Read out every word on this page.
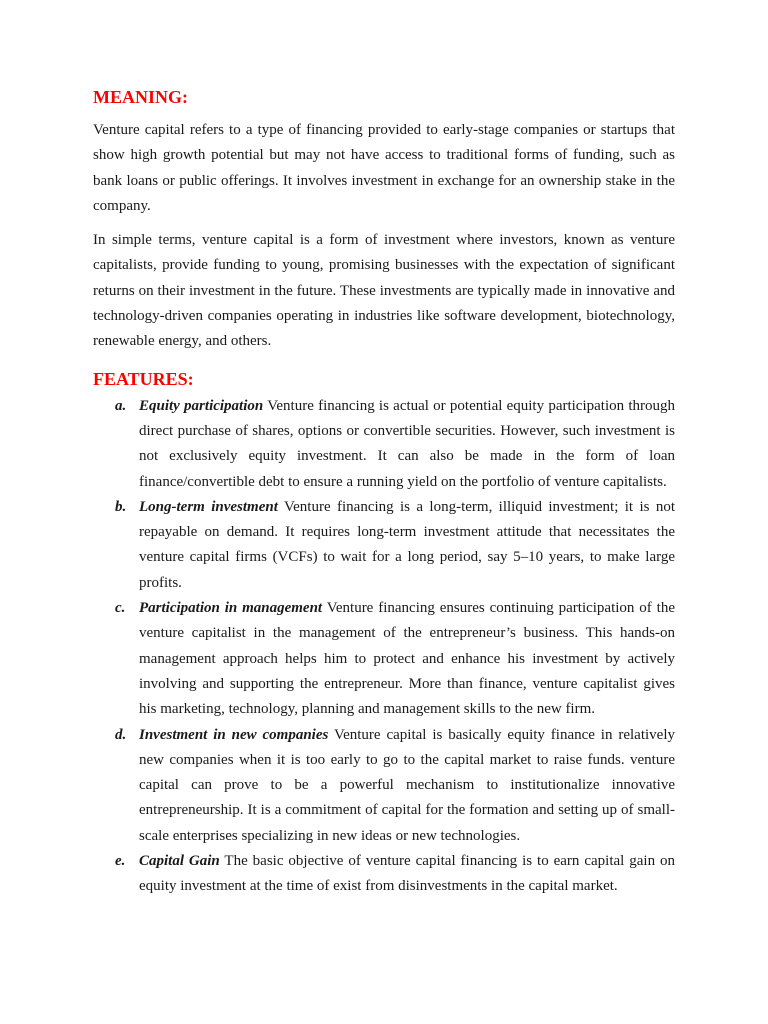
MEANING:

Venture capital refers to a type of financing provided to early-stage companies or startups that show high growth potential but may not have access to traditional forms of funding, such as bank loans or public offerings. It involves investment in exchange for an ownership stake in the company.

In simple terms, venture capital is a form of investment where investors, known as venture capitalists, provide funding to young, promising businesses with the expectation of significant returns on their investment in the future. These investments are typically made in innovative and technology-driven companies operating in industries like software development, biotechnology, renewable energy, and others.

FEATURES:
a. Equity participation Venture financing is actual or potential equity participation through direct purchase of shares, options or convertible securities. However, such investment is not exclusively equity investment. It can also be made in the form of loan finance/convertible debt to ensure a running yield on the portfolio of venture capitalists.
b. Long-term investment Venture financing is a long-term, illiquid investment; it is not repayable on demand. It requires long-term investment attitude that necessitates the venture capital firms (VCFs) to wait for a long period, say 5–10 years, to make large profits.
c. Participation in management Venture financing ensures continuing participation of the venture capitalist in the management of the entrepreneur’s business. This hands-on management approach helps him to protect and enhance his investment by actively involving and supporting the entrepreneur. More than finance, venture capitalist gives his marketing, technology, planning and management skills to the new firm.
d. Investment in new companies Venture capital is basically equity finance in relatively new companies when it is too early to go to the capital market to raise funds. venture capital can prove to be a powerful mechanism to institutionalize innovative entrepreneurship. It is a commitment of capital for the formation and setting up of small-scale enterprises specializing in new ideas or new technologies.
e. Capital Gain The basic objective of venture capital financing is to earn capital gain on equity investment at the time of exist from disinvestments in the capital market.
